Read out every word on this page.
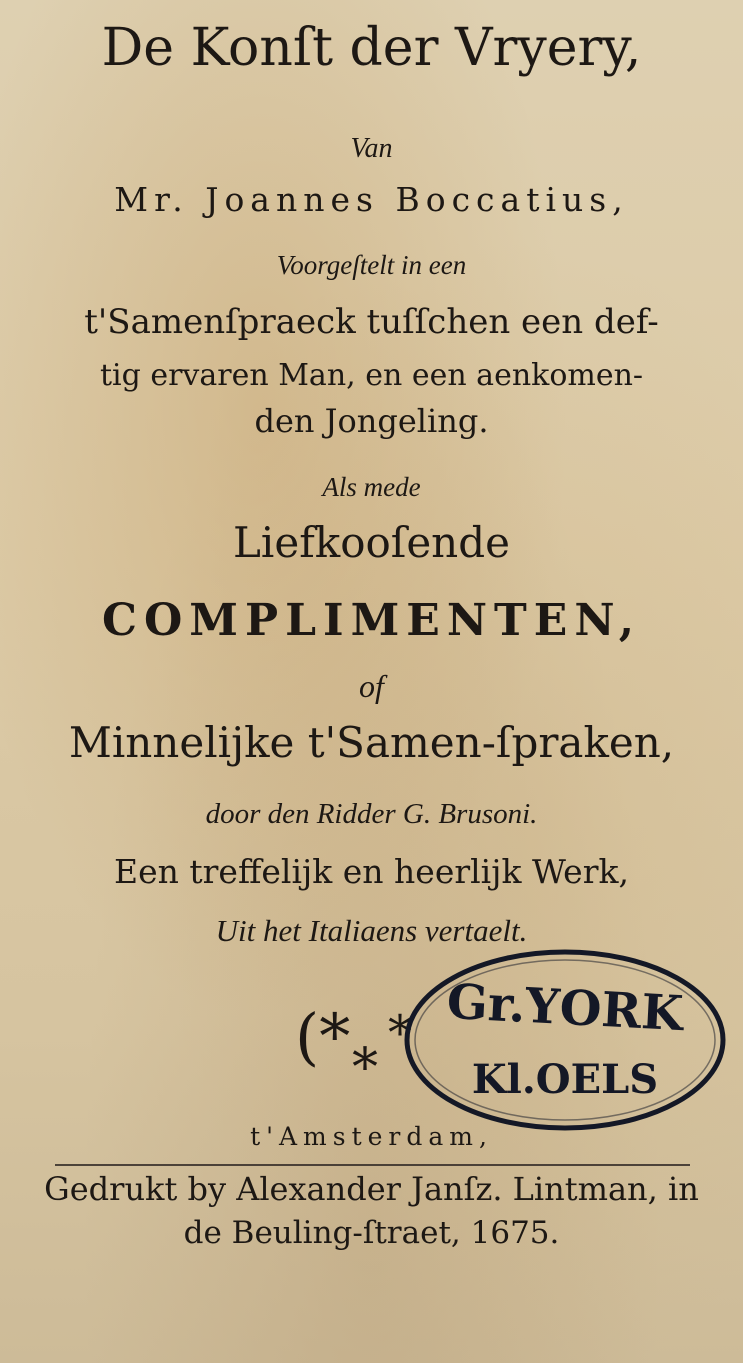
De Konſt der Vryery,
Van
Mr. Joannes Boccatius,
Voorgeſtelt in een
t'Samenſpraeck tuſſchen een def-
tig ervaren Man, en een aenkomen-
den Jongeling.
Als mede
Liefkooſende
COMPLIMENTEN,
of
Minnelijke t'Samen-ſpraken,
door den Ridder G. Brusoni.
Een treffelijk en heerlijk Werk,
Uit het Italiaens vertaelt.
(* *
* Gr.YORK
Kl.OELS
t'Amsterdam,
Gedrukt by Alexander Janſz. Lintman, in
de Beuling-ſtraet, 1675.
